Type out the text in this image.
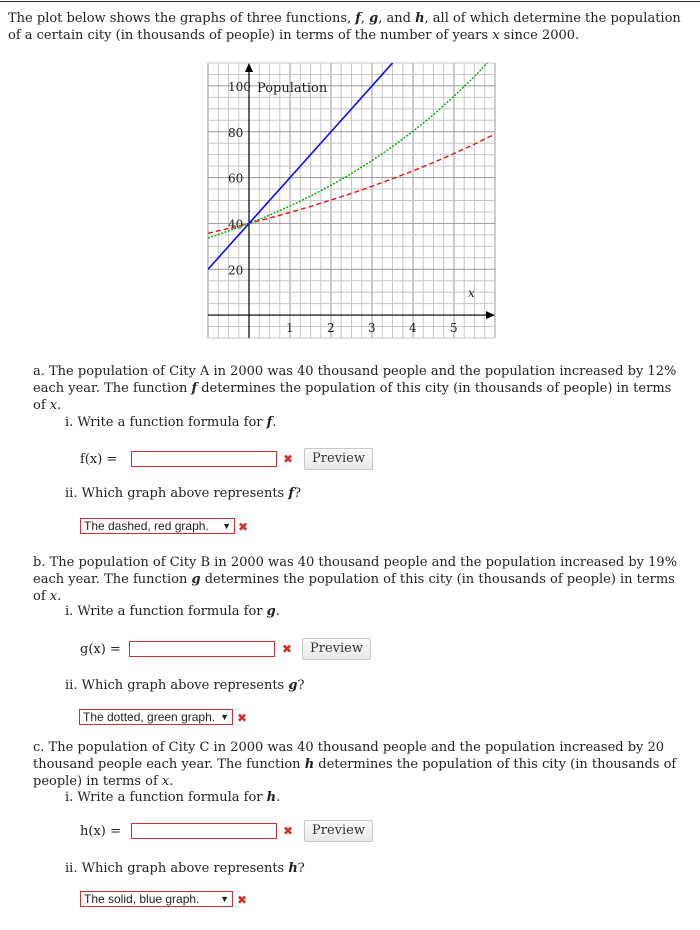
The plot below shows the graphs of three functions, f, g, and h, all of which determine the population of a certain city (in thousands of people) in terms of the number of years x since 2000.
20
40
60
80
100
1	2	3	4	5
Population
x
a. The population of City A in 2000 was 40 thousand people and the population increased by 12% each year. The function f determines the population of this city (in thousands of people) in terms of x.
i. Write a function formula for f.
f(x) =	✖	Preview
ii. Which graph above represents f?
The dashed, red graph. ▼ ✖
b. The population of City B in 2000 was 40 thousand people and the population increased by 19% each year. The function g determines the population of this city (in thousands of people) in terms of x.
i. Write a function formula for g.
g(x) =	✖	Preview
ii. Which graph above represents g?
The dotted, green graph. ▼ ✖
c. The population of City C in 2000 was 40 thousand people and the population increased by 20 thousand people each year. The function h determines the population of this city (in thousands of people) in terms of x.
i. Write a function formula for h.
h(x) =	✖	Preview
ii. Which graph above represents h?
The solid, blue graph. ▼ ✖
